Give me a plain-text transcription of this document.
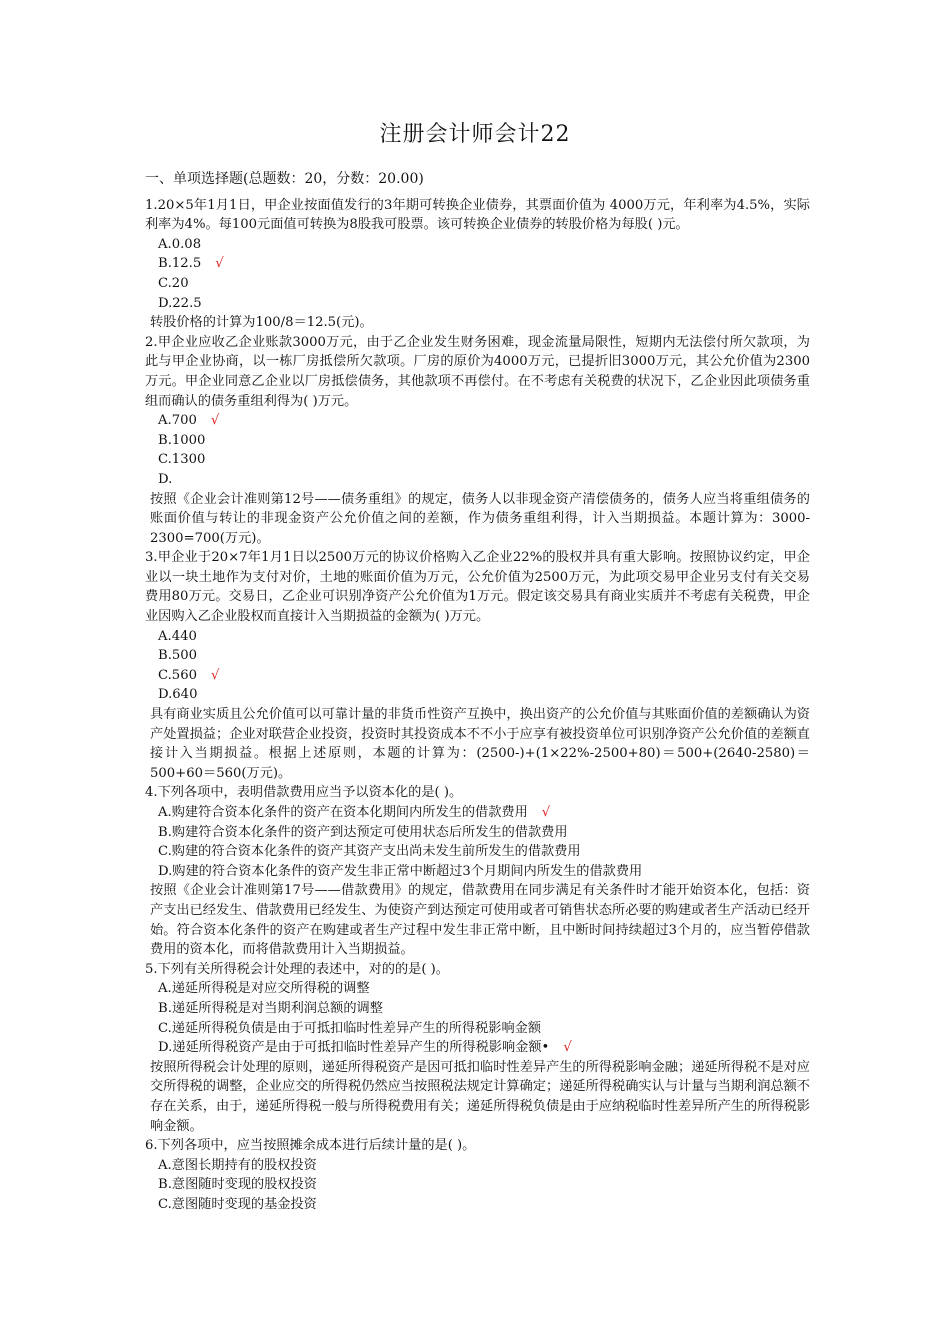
注册会计师会计22
一、单项选择题(总题数：20，分数：20.00)

1.20×5年1月1日，甲企业按面值发行的3年期可转换企业债券，其票面价值为 4000万元，年利率为4.5%，实际利率为4%。每100元面值可转换为8股我可股票。该可转换企业债券的转股价格为每股( )元。

A.0.08
B.12.5 √
C.20
D.22.5

转股价格的计算为100/8＝12.5(元)。

2.甲企业应收乙企业账款3000万元，由于乙企业发生财务困难，现金流量局限性，短期内无法偿付所欠款项，为此与甲企业协商，以一栋厂房抵偿所欠款项。厂房的原价为4000万元，已提折旧3000万元，其公允价值为2300万元。甲企业同意乙企业以厂房抵偿债务，其他款项不再偿付。在不考虑有关税费的状况下，乙企业因此项债务重组而确认的债务重组利得为( )万元。

A.700 √
B.1000
C.1300
D.

按照《企业会计准则第12号——债务重组》的规定，债务人以非现金资产清偿债务的，债务人应当将重组债务的账面价值与转让的非现金资产公允价值之间的差额，作为债务重组利得，计入当期损益。本题计算为：3000-2300=700(万元)。

3.甲企业于20×7年1月1日以2500万元的协议价格购入乙企业22%的股权并具有重大影响。按照协议约定，甲企业以一块土地作为支付对价，土地的账面价值为万元，公允价值为2500万元，为此项交易甲企业另支付有关交易费用80万元。交易日，乙企业可识别净资产公允价值为1万元。假定该交易具有商业实质并不考虑有关税费，甲企业因购入乙企业股权而直接计入当期损益的金额为( )万元。

A.440
B.500
C.560 √
D.640

具有商业实质且公允价值可以可靠计量的非货币性资产互换中，换出资产的公允价值与其账面价值的差额确认为资产处置损益；企业对联营企业投资，投资时其投资成本不不小于应享有被投资单位可识别净资产公允价值的差额直接计入当期损益。根据上述原则，本题的计算为：(2500-)+(1×22%-2500+80)＝500+(2640-2580)＝500+60＝560(万元)。

4.下列各项中，表明借款费用应当予以资本化的是( )。

A.购建符合资本化条件的资产在资本化期间内所发生的借款费用 √
B.购建符合资本化条件的资产到达预定可使用状态后所发生的借款费用
C.购建的符合资本化条件的资产其资产支出尚未发生前所发生的借款费用
D.购建的符合资本化条件的资产发生非正常中断超过3个月期间内所发生的借款费用

按照《企业会计准则第17号——借款费用》的规定，借款费用在同步满足有关条件时才能开始资本化，包括：资产支出已经发生、借款费用已经发生、为使资产到达预定可使用或者可销售状态所必要的购建或者生产活动已经开始。符合资本化条件的资产在购建或者生产过程中发生非正常中断，且中断时间持续超过3个月的，应当暂停借款费用的资本化，而将借款费用计入当期损益。

5.下列有关所得税会计处理的表述中，对的的是( )。

A.递延所得税是对应交所得税的调整
B.递延所得税是对当期利润总额的调整
C.递延所得税负债是由于可抵扣临时性差异产生的所得税影响金额
D.递延所得税资产是由于可抵扣临时性差异产生的所得税影响金额• √

按照所得税会计处理的原则，递延所得税资产是因可抵扣临时性差异产生的所得税影响金融；递延所得税不是对应交所得税的调整，企业应交的所得税仍然应当按照税法规定计算确定；递延所得税确实认与计量与当期利润总额不存在关系，由于，递延所得税一般与所得税费用有关；递延所得税负债是由于应纳税临时性差异所产生的所得税影响金额。

6.下列各项中，应当按照摊余成本进行后续计量的是( )。

A.意图长期持有的股权投资
B.意图随时变现的股权投资
C.意图随时变现的基金投资
